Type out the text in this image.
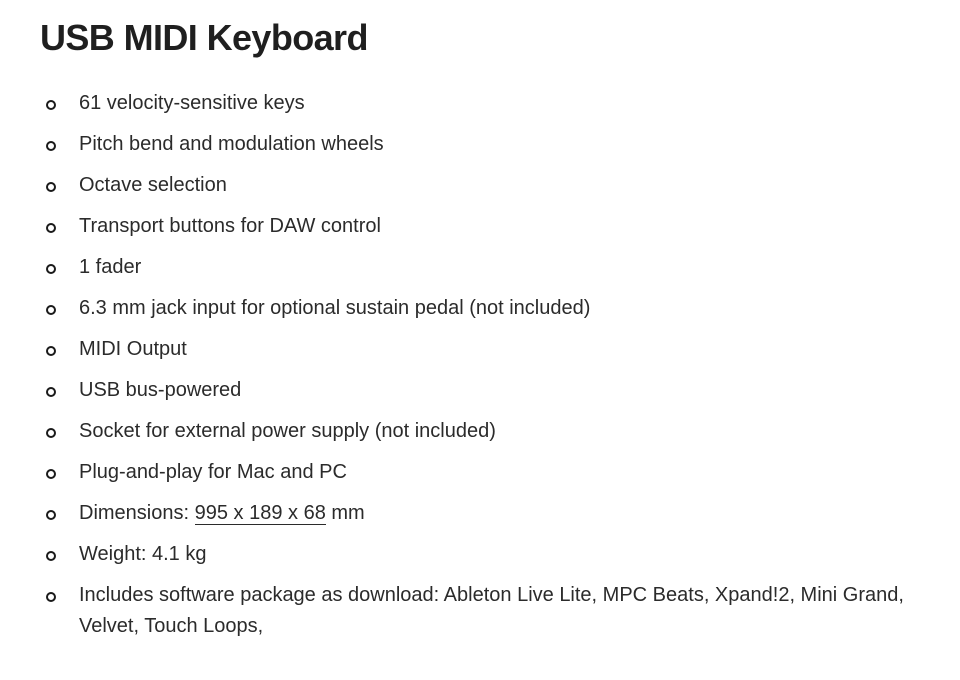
USB MIDI Keyboard
61 velocity-sensitive keys
Pitch bend and modulation wheels
Octave selection
Transport buttons for DAW control
1 fader
6.3 mm jack input for optional sustain pedal (not included)
MIDI Output
USB bus-powered
Socket for external power supply (not included)
Plug-and-play for Mac and PC
Dimensions: 995 x 189 x 68 mm
Weight: 4.1 kg
Includes software package as download: Ableton Live Lite, MPC Beats, Xpand!2, Mini Grand, Velvet, Touch Loops,
